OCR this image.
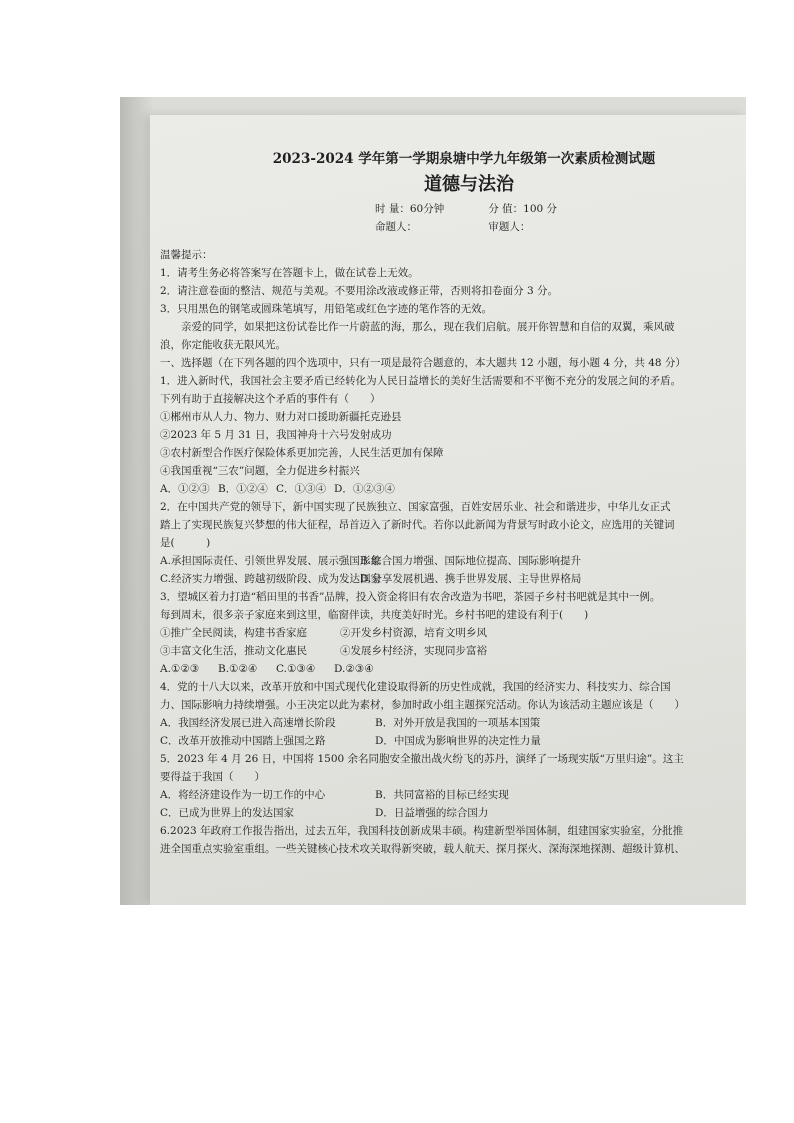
2023-2024 学年第一学期泉塘中学九年级第一次素质检测试题
道德与法治
时 量：60分钟	分 值：100 分
命题人：	审题人：

温馨提示：

1．请考生务必将答案写在答题卡上，做在试卷上无效。

2．请注意卷面的整洁、规范与美观。不要用涂改液或修正带，否则将扣卷面分 3 分。

3．只用黑色的钢笔或圆珠笔填写，用铅笔或红色字迹的笔作答的无效。

亲爱的同学，如果把这份试卷比作一片蔚蓝的海，那么，现在我们启航。展开你智慧和自信的双翼，乘风破

浪，你定能收获无限风光。

一、选择题（在下列各题的四个选项中，只有一项是最符合题意的，本大题共 12 小题，每小题 4 分，共 48 分）

1．进入新时代，我国社会主要矛盾已经转化为人民日益增长的美好生活需要和不平衡不充分的发展之间的矛盾。

下列有助于直接解决这个矛盾的事件有（　　）

①郴州市从人力、物力、财力对口援助新疆托克逊县

②2023 年 5 月 31 日，我国神舟十六号发射成功

③农村新型合作医疗保险体系更加完善，人民生活更加有保障

④我国重视“三农”问题，全力促进乡村振兴

A．①②③ B．①②④ C．①③④ D．①②③④

2．在中国共产党的领导下，新中国实现了民族独立、国家富强，百姓安居乐业、社会和谐进步，中华儿女正式

踏上了实现民族复兴梦想的伟大征程，昂首迈入了新时代。若你以此新闻为背景写时政小论文，应选用的关键词

是(　　　)

A.承担国际责任、引领世界发展、展示强国形象
B.综合国力增强、国际地位提高、国际影响提升

C.经济实力增强、跨越初级阶段、成为发达国家
D.分享发展机遇、携手世界发展、主导世界格局

3．望城区着力打造“稻田里的书香”品牌，投入资金将旧有农舍改造为书吧，茶园子乡村书吧就是其中一例。

每到周末，很多亲子家庭来到这里，临窗伴读，共度美好时光。乡村书吧的建设有利于(　　)

①推广全民阅读，构建书香家庭	②开发乡村资源，培育文明乡风

③丰富文化生活，推动文化惠民	④发展乡村经济，实现同步富裕

A.①②③ B.①②④ C.①③④ D.②③④

4．党的十八大以来，改革开放和中国式现代化建设取得新的历史性成就，我国的经济实力、科技实力、综合国

力、国际影响力持续增强。小王决定以此为素材，参加时政小组主题探究活动。你认为该活动主题应该是（　　）

A．我国经济发展已进入高速增长阶段	B．对外开放是我国的一项基本国策

C．改革开放推动中国踏上强国之路	D．中国成为影响世界的决定性力量

5．2023 年 4 月 26 日，中国将 1500 余名同胞安全撤出战火纷飞的苏丹，演绎了一场现实版“万里归途”。这主

要得益于我国（　　）

A．将经济建设作为一切工作的中心	B．共同富裕的目标已经实现

C．已成为世界上的发达国家	D．日益增强的综合国力

6.2023 年政府工作报告指出，过去五年，我国科技创新成果丰硕。构建新型举国体制，组建国家实验室，分批推

进全国重点实验室重组。一些关键核心技术攻关取得新突破，载人航天、探月探火、深海深地探测、超级计算机、
